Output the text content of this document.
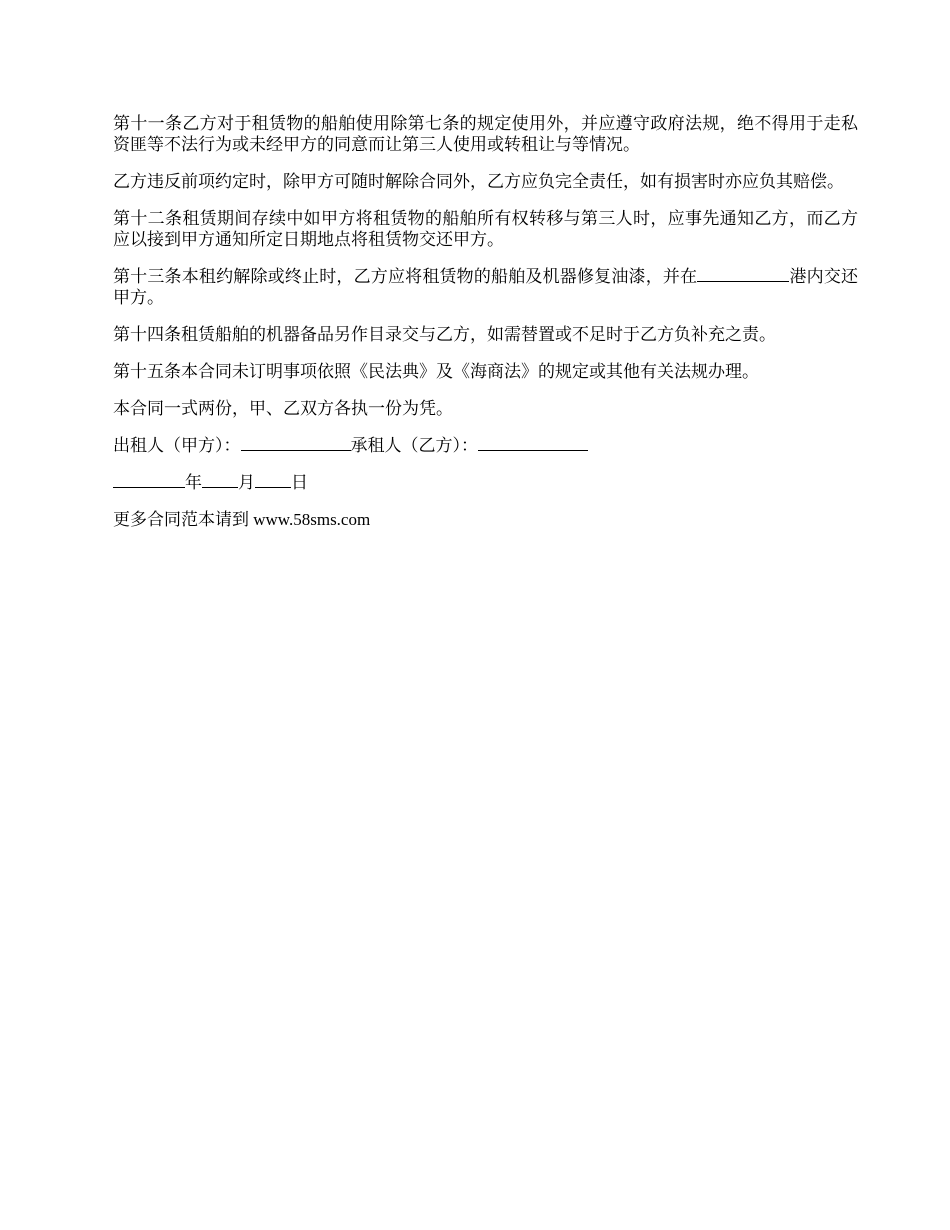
第十一条乙方对于租赁物的船舶使用除第七条的规定使用外，并应遵守政府法规，绝不得用于走私资匪等不法行为或未经甲方的同意而让第三人使用或转租让与等情况。

乙方违反前项约定时，除甲方可随时解除合同外，乙方应负完全责任，如有损害时亦应负其赔偿。

第十二条租赁期间存续中如甲方将租赁物的船舶所有权转移与第三人时，应事先通知乙方，而乙方应以接到甲方通知所定日期地点将租赁物交还甲方。

第十三条本租约解除或终止时，乙方应将租赁物的船舶及机器修复油漆，并在	港内交还甲方。

第十四条租赁船舶的机器备品另作目录交与乙方，如需替置或不足时于乙方负补充之责。

第十五条本合同未订明事项依照《民法典》及《海商法》的规定或其他有关法规办理。

本合同一式两份，甲、乙双方各执一份为凭。

出租人（甲方）：	承租人（乙方）：

年 月 日

更多合同范本请到 www.58sms.com
